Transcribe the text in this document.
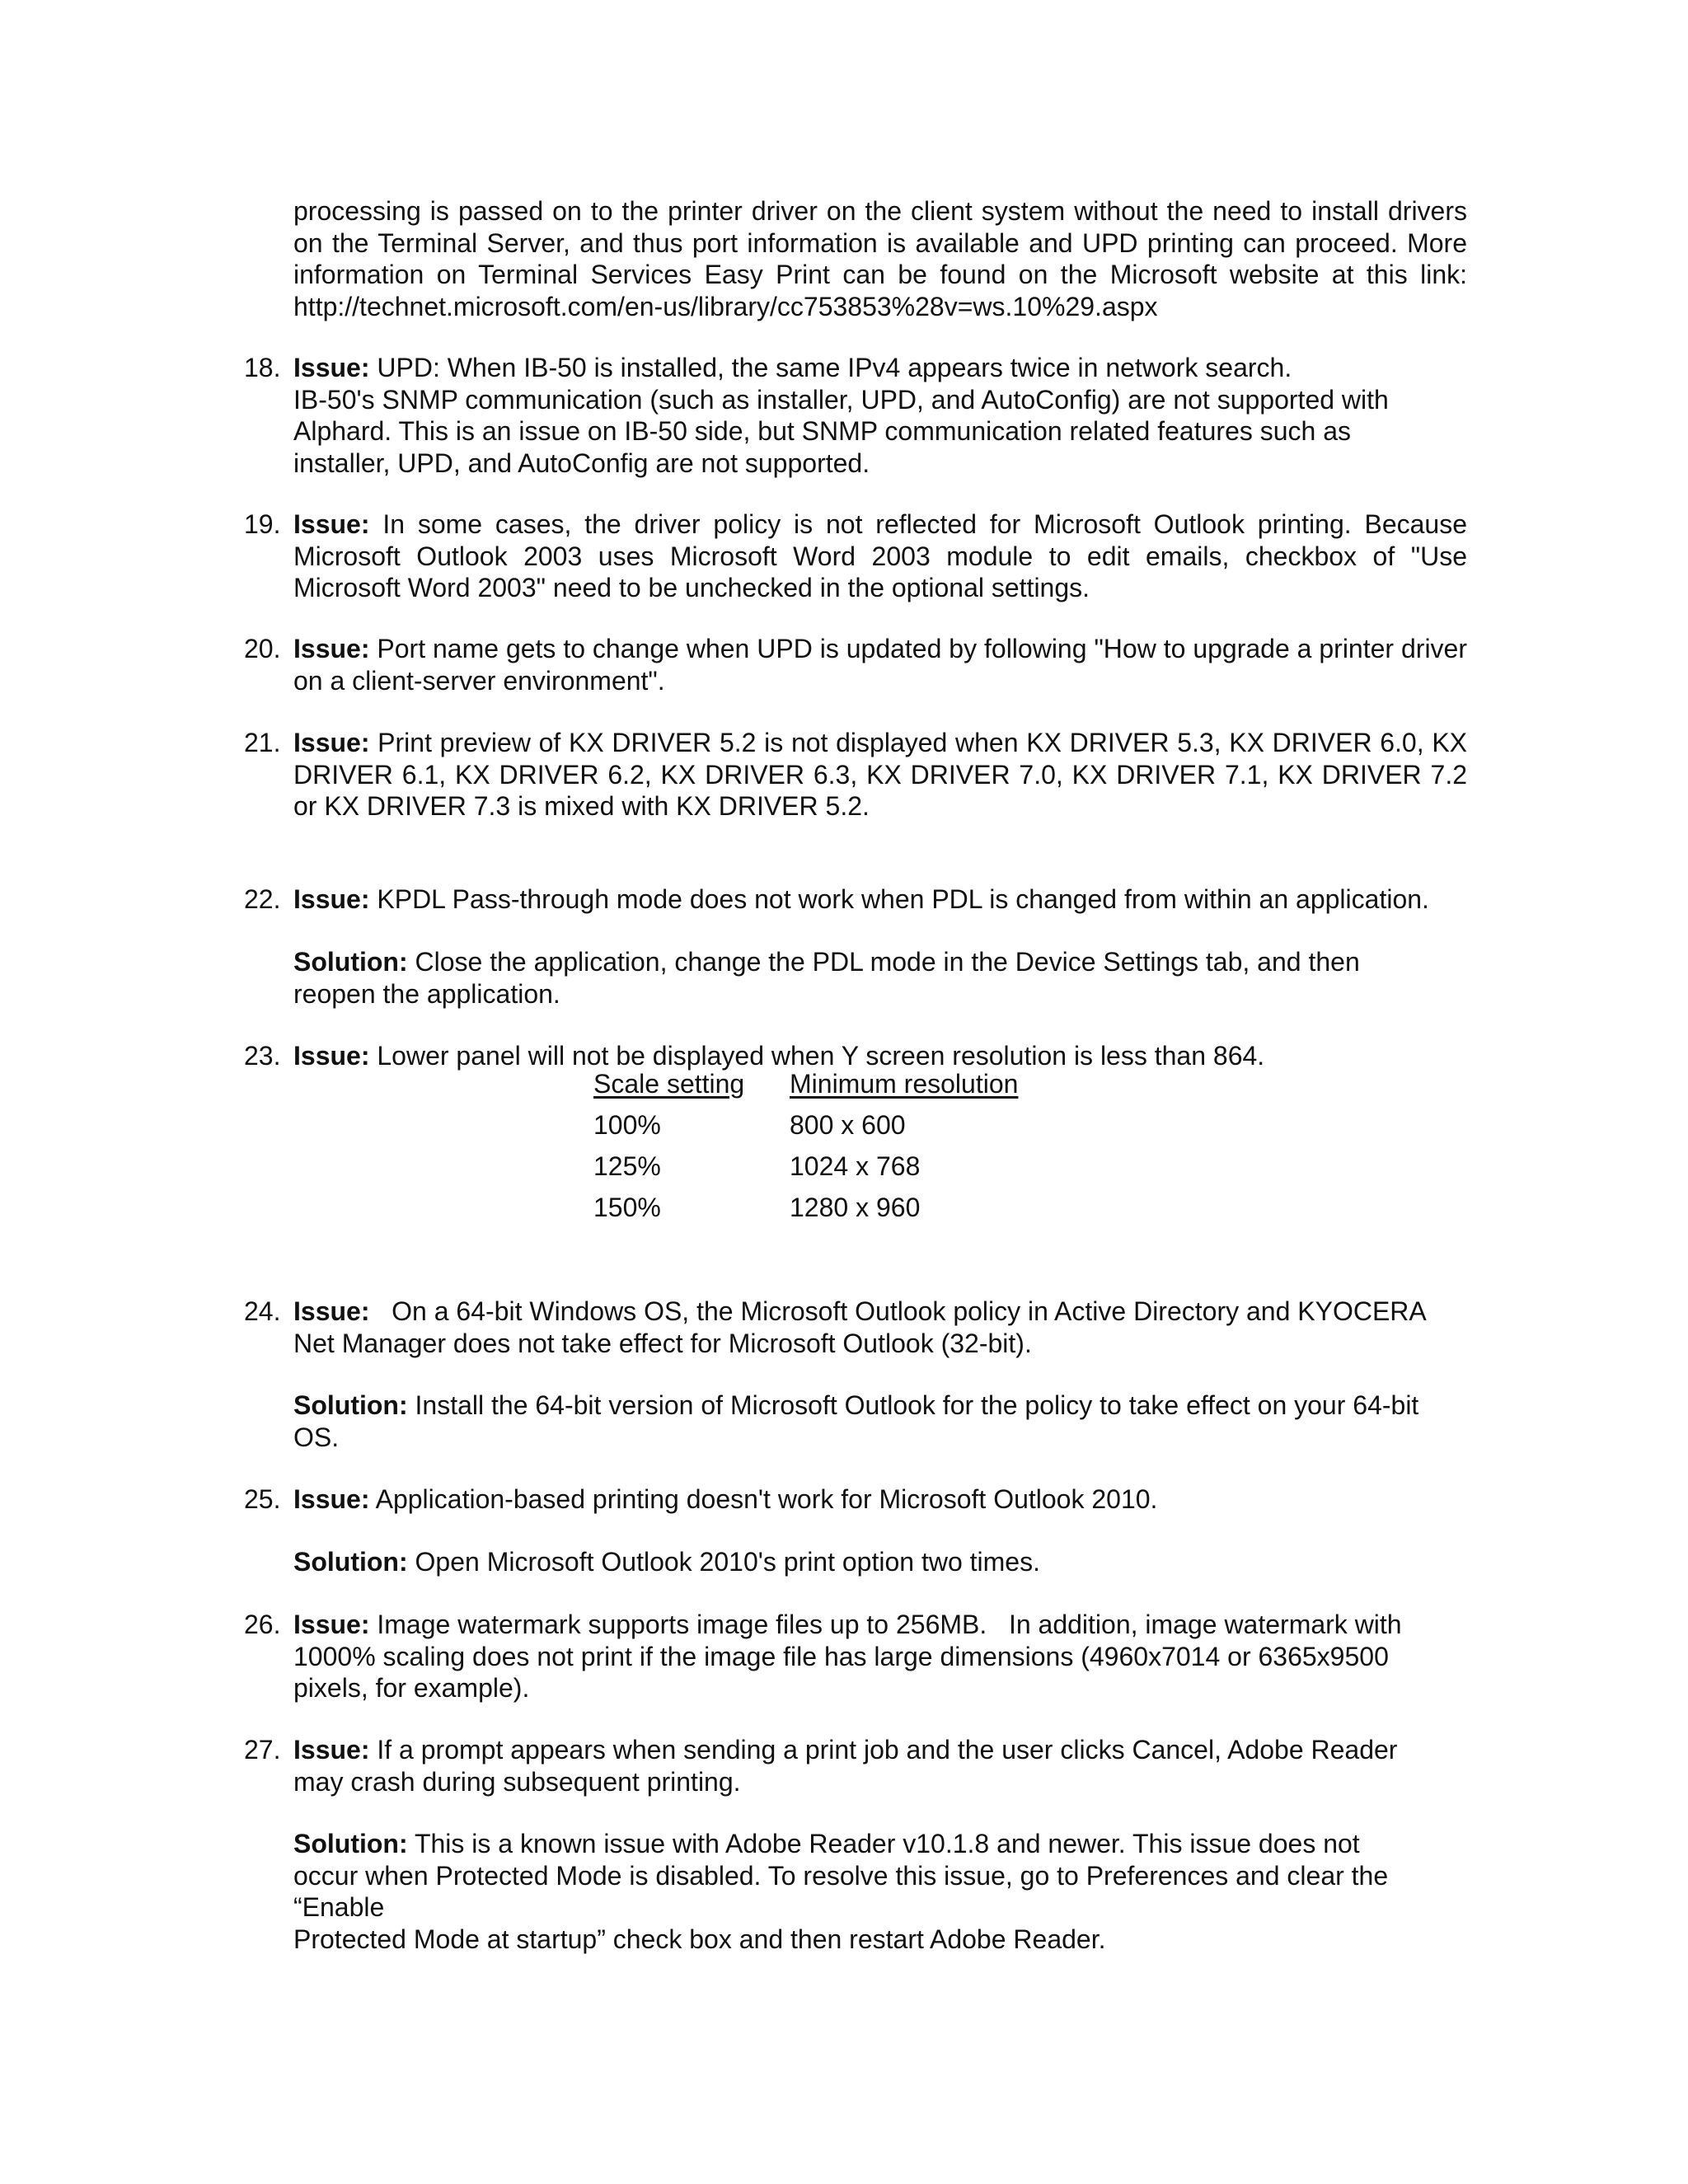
processing is passed on to the printer driver on the client system without the need to install drivers on the Terminal Server, and thus port information is available and UPD printing can proceed. More information on Terminal Services Easy Print can be found on the Microsoft website at this link: http://technet.microsoft.com/en-us/library/cc753853%28v=ws.10%29.aspx

18. Issue: UPD: When IB-50 is installed, the same IPv4 appears twice in network search.
IB-50's SNMP communication (such as installer, UPD, and AutoConfig) are not supported with
Alphard. This is an issue on IB-50 side, but SNMP communication related features such as
installer, UPD, and AutoConfig are not supported.

19. Issue: In some cases, the driver policy is not reflected for Microsoft Outlook printing. Because Microsoft Outlook 2003 uses Microsoft Word 2003 module to edit emails, checkbox of "Use Microsoft Word 2003" need to be unchecked in the optional settings.

20. Issue: Port name gets to change when UPD is updated by following "How to upgrade a printer driver on a client-server environment".

21. Issue: Print preview of KX DRIVER 5.2 is not displayed when KX DRIVER 5.3, KX DRIVER 6.0, KX DRIVER 6.1, KX DRIVER 6.2, KX DRIVER 6.3, KX DRIVER 7.0, KX DRIVER 7.1, KX DRIVER 7.2 or KX DRIVER 7.3 is mixed with KX DRIVER 5.2.

22. Issue: KPDL Pass-through mode does not work when PDL is changed from within an application.

Solution: Close the application, change the PDL mode in the Device Settings tab, and then
reopen the application.

23. Issue: Lower panel will not be displayed when Y screen resolution is less than 864.

Scale setting	Minimum resolution
100%	800 x 600
125%	1024 x 768
150%	1280 x 960
24. Issue:   On a 64-bit Windows OS, the Microsoft Outlook policy in Active Directory and KYOCERA
Net Manager does not take effect for Microsoft Outlook (32-bit).

Solution: Install the 64-bit version of Microsoft Outlook for the policy to take effect on your 64-bit
OS.

25. Issue: Application-based printing doesn't work for Microsoft Outlook 2010.

Solution: Open Microsoft Outlook 2010's print option two times.

26. Issue: Image watermark supports image files up to 256MB.   In addition, image watermark with
1000% scaling does not print if the image file has large dimensions (4960x7014 or 6365x9500
pixels, for example).

27. Issue: If a prompt appears when sending a print job and the user clicks Cancel, Adobe Reader
may crash during subsequent printing.

Solution: This is a known issue with Adobe Reader v10.1.8 and newer. This issue does not
occur when Protected Mode is disabled. To resolve this issue, go to Preferences and clear the
“Enable
Protected Mode at startup” check box and then restart Adobe Reader.
